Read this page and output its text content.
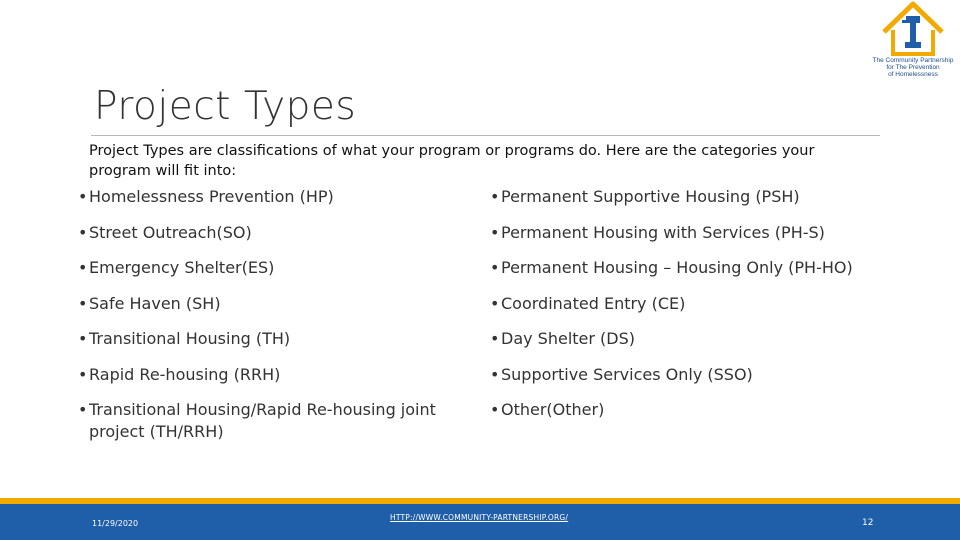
The Community Partnership
for The Prevention
of Homelessness
Project Types

Project Types are classifications of what your program or programs do. Here are the categories your program will fit into:

•Homelessness Prevention (HP)
•Street Outreach(SO)
•Emergency Shelter(ES)
•Safe Haven (SH)
•Transitional Housing (TH)
•Rapid Re-housing (RRH)
•Transitional Housing/Rapid Re-housing joint project (TH/RRH)
•Permanent Supportive Housing (PSH)
•Permanent Housing with Services (PH-S)
•Permanent Housing – Housing Only (PH-HO)
•Coordinated Entry (CE)
•Day Shelter (DS)
•Supportive Services Only (SSO)
•Other(Other)
11/29/2020
HTTP://WWW.COMMUNITY-PARTNERSHIP.ORG/
12
